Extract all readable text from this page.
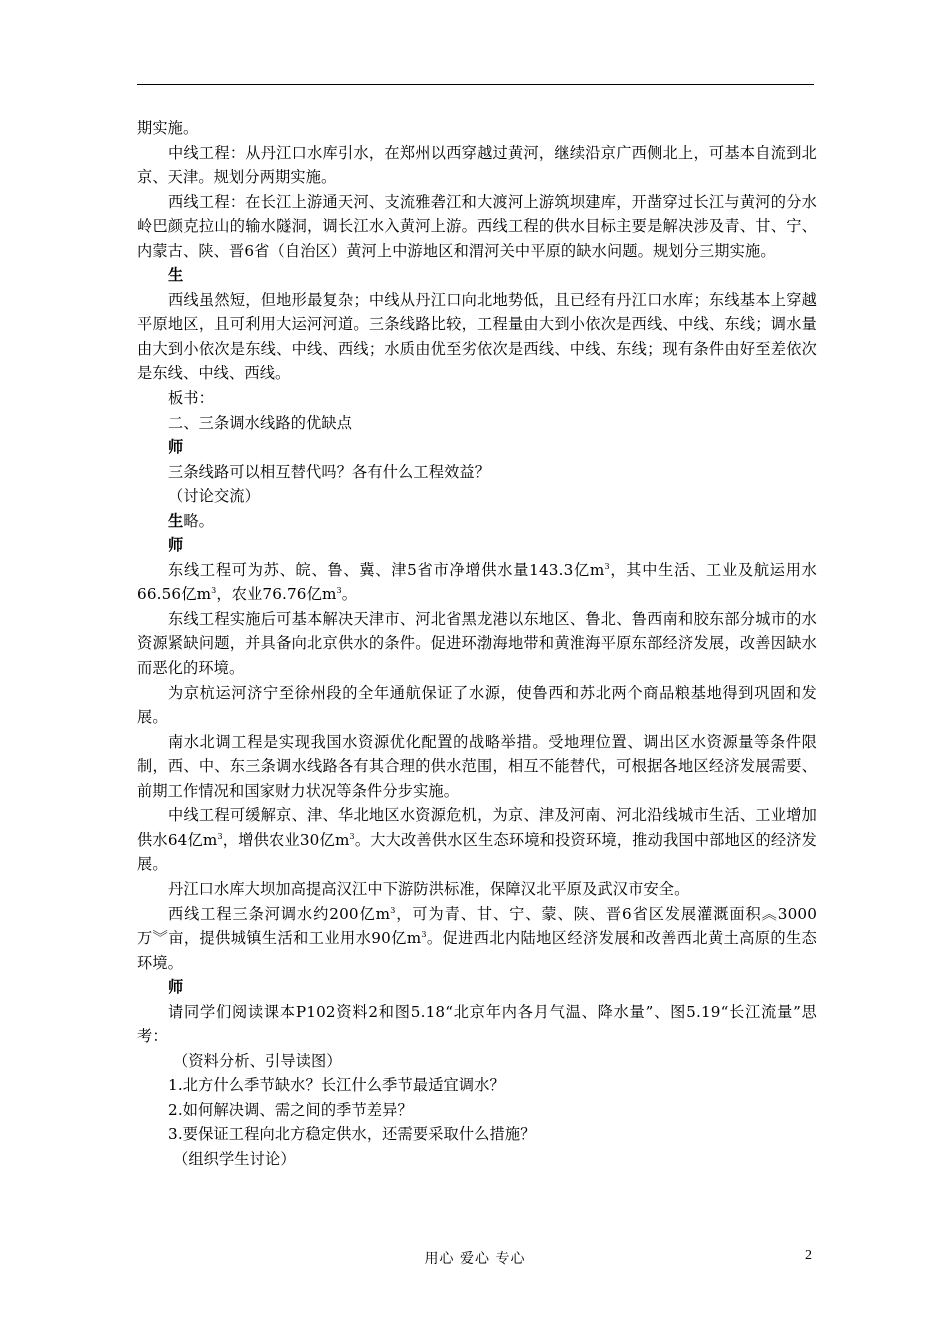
期实施。

中线工程：从丹江口水库引水，在郑州以西穿越过黄河，继续沿京广西侧北上，可基本自流到北京、天津。规划分两期实施。

西线工程：在长江上游通天河、支流雅砻江和大渡河上游筑坝建库，开凿穿过长江与黄河的分水岭巴颜克拉山的输水隧洞，调长江水入黄河上游。西线工程的供水目标主要是解决涉及青、甘、宁、内蒙古、陕、晋6省（自治区）黄河上中游地区和渭河关中平原的缺水问题。规划分三期实施。

生

西线虽然短，但地形最复杂；中线从丹江口向北地势低，且已经有丹江口水库；东线基本上穿越平原地区，且可利用大运河河道。三条线路比较，工程量由大到小依次是西线、中线、东线；调水量由大到小依次是东线、中线、西线；水质由优至劣依次是西线、中线、东线；现有条件由好至差依次是东线、中线、西线。

板书：

二、三条调水线路的优缺点

师

三条线路可以相互替代吗？各有什么工程效益？

（讨论交流）

生略。

师

东线工程可为苏、皖、鲁、冀、津5省市净增供水量143.3亿$m^3$，其中生活、工业及航运用水66.56亿$m^3$，农业76.76亿$m^3$。

东线工程实施后可基本解决天津市、河北省黑龙港以东地区、鲁北、鲁西南和胶东部分城市的水资源紧缺问题，并具备向北京供水的条件。促进环渤海地带和黄淮海平原东部经济发展，改善因缺水而恶化的环境。

为京杭运河济宁至徐州段的全年通航保证了水源，使鲁西和苏北两个商品粮基地得到巩固和发展。

南水北调工程是实现我国水资源优化配置的战略举措。受地理位置、调出区水资源量等条件限制，西、中、东三条调水线路各有其合理的供水范围，相互不能替代，可根据各地区经济发展需要、前期工作情况和国家财力状况等条件分步实施。

中线工程可缓解京、津、华北地区水资源危机，为京、津及河南、河北沿线城市生活、工业增加供水64亿$m^3$，增供农业30亿$m^3$。大大改善供水区生态环境和投资环境，推动我国中部地区的经济发展。

丹江口水库大坝加高提高汉江中下游防洪标准，保障汉北平原及武汉市安全。

西线工程三条河调水约200亿$m^3$，可为青、甘、宁、蒙、陕、晋6省区发展灌溉面积︽3000万︾亩，提供城镇生活和工业用水90亿$m^3$。促进西北内陆地区经济发展和改善西北黄土高原的生态环境。

师

请同学们阅读课本P102资料2和图5.18“北京年内各月气温、降水量”、图5.19“长江流量”思考：

（资料分析、引导读图）

1.北方什么季节缺水？长江什么季节最适宜调水？

2.如何解决调、需之间的季节差异？

3.要保证工程向北方稳定供水，还需要采取什么措施？

（组织学生讨论）

用心 爱心 专心	2
